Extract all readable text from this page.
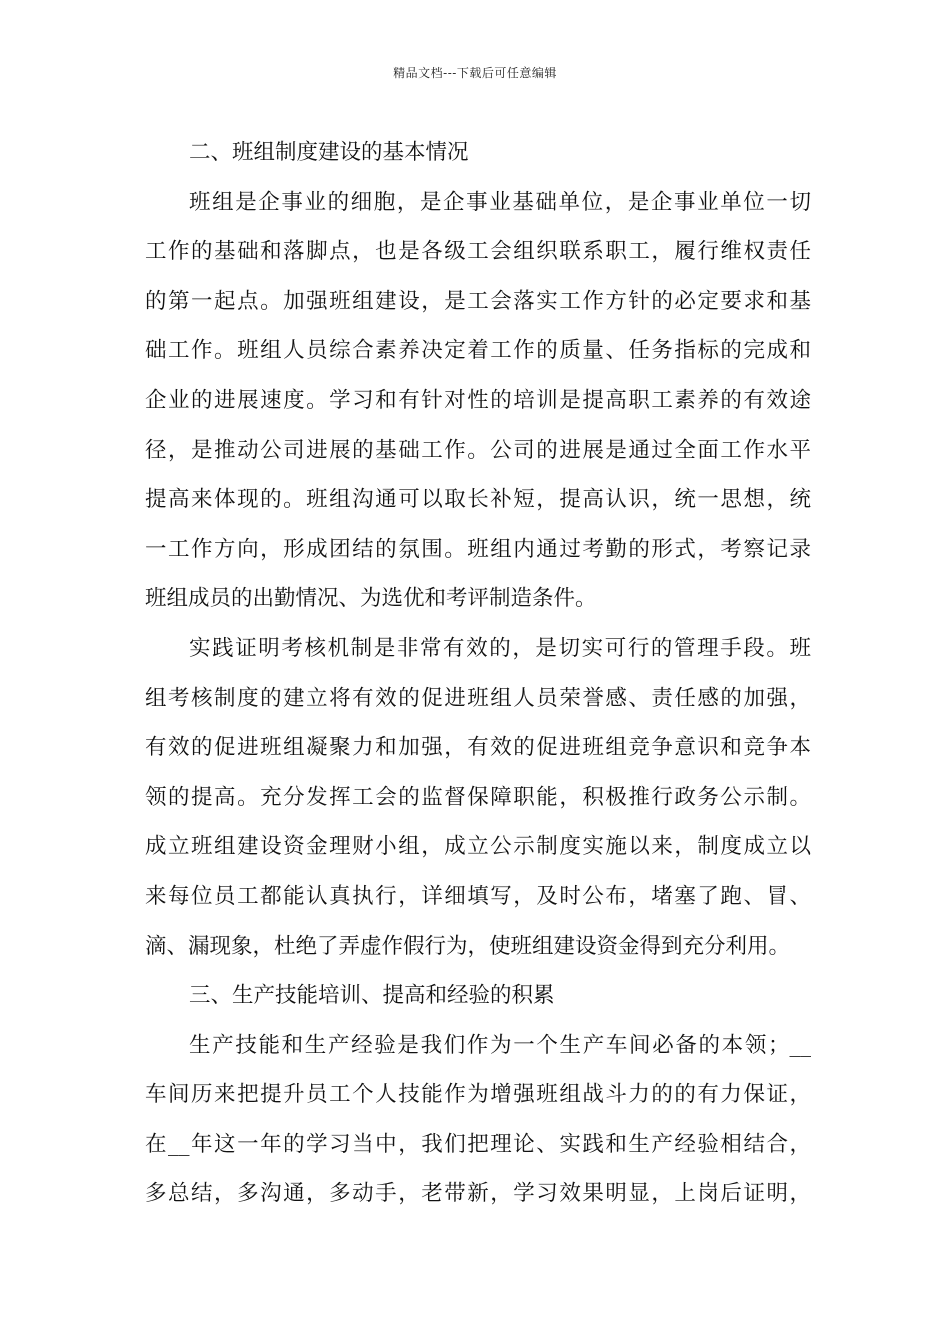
精品文档---下载后可任意编辑
二、班组制度建设的基本情况
班组是企事业的细胞，是企事业基础单位，是企事业单位一切
工作的基础和落脚点，也是各级工会组织联系职工，履行维权责任
的第一起点。加强班组建设，是工会落实工作方针的必定要求和基
础工作。班组人员综合素养决定着工作的质量、任务指标的完成和
企业的进展速度。学习和有针对性的培训是提高职工素养的有效途
径，是推动公司进展的基础工作。公司的进展是通过全面工作水平
提高来体现的。班组沟通可以取长补短，提高认识，统一思想，统
一工作方向，形成团结的氛围。班组内通过考勤的形式，考察记录
班组成员的出勤情况、为选优和考评制造条件。
实践证明考核机制是非常有效的，是切实可行的管理手段。班
组考核制度的建立将有效的促进班组人员荣誉感、责任感的加强，
有效的促进班组凝聚力和加强，有效的促进班组竞争意识和竞争本
领的提高。充分发挥工会的监督保障职能，积极推行政务公示制。
成立班组建设资金理财小组，成立公示制度实施以来，制度成立以
来每位员工都能认真执行，详细填写，及时公布，堵塞了跑、冒、
滴、漏现象，杜绝了弄虚作假行为，使班组建设资金得到充分利用。
三、生产技能培训、提高和经验的积累
生产技能和生产经验是我们作为一个生产车间必备的本领；__
车间历来把提升员工个人技能作为增强班组战斗力的的有力保证，
在__年这一年的学习当中，我们把理论、实践和生产经验相结合，
多总结，多沟通，多动手，老带新，学习效果明显，上岗后证明，
